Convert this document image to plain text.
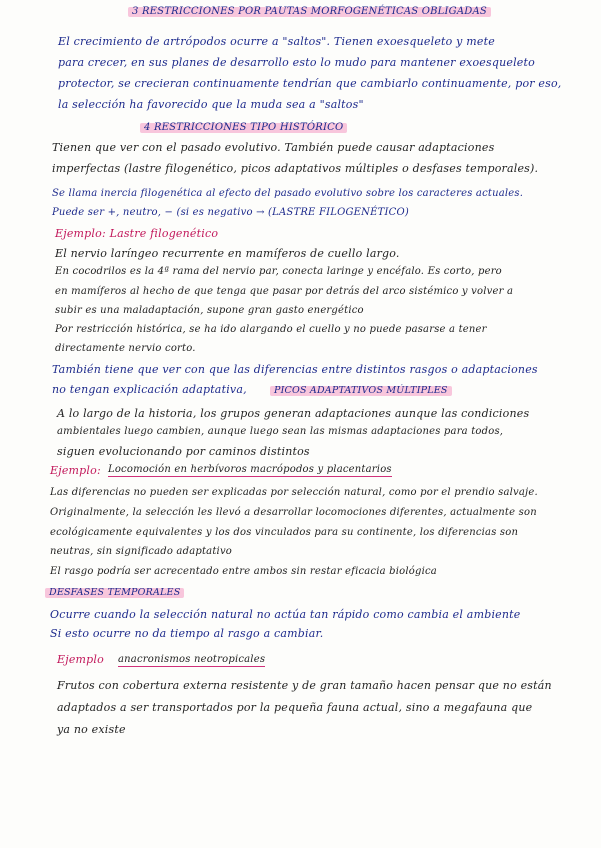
3 RESTRICCIONES POR PAUTAS MORFOGENÉTICAS OBLIGADAS
El crecimiento de artrópodos ocurre a "saltos". Tienen exoesqueleto y mete
para crecer, en sus planes de desarrollo esto lo mudo para mantener exoesqueleto
protector, se crecieran continuamente tendrían que cambiarlo continuamente, por eso,
la selección ha favorecido que la muda sea a "saltos"
4 RESTRICCIONES TIPO HISTÓRICO
Tienen que ver con el pasado evolutivo. También puede causar adaptaciones
imperfectas (lastre filogenético, picos adaptativos múltiples o desfases temporales).
Se llama inercia filogenética al efecto del pasado evolutivo sobre los caracteres actuales.
Puede ser +, neutro, − (si es negativo → (LASTRE FILOGENÉTICO)
Ejemplo: Lastre filogenético
El nervio laríngeo recurrente en mamíferos de cuello largo.
En cocodrilos es la 4ª rama del nervio par, conecta laringe y encéfalo. Es corto, pero
en mamíferos al hecho de que tenga que pasar por detrás del arco sistémico y volver a
subir es una maladaptación, supone gran gasto energético
Por restricción histórica, se ha ido alargando el cuello y no puede pasarse a tener
directamente nervio corto.
También tiene que ver con que las diferencias entre distintos rasgos o adaptaciones
no tengan explicación adaptativa,	PICOS ADAPTATIVOS MÚLTIPLES
A lo largo de la historia, los grupos generan adaptaciones aunque las condiciones
ambientales luego cambien, aunque luego sean las mismas adaptaciones para todos,
siguen evolucionando por caminos distintos
Ejemplo: Locomoción en herbívoros macrópodos y placentarios
Las diferencias no pueden ser explicadas por selección natural, como por el prendio salvaje.
Originalmente, la selección les llevó a desarrollar locomociones diferentes, actualmente son
ecológicamente equivalentes y los dos vinculados para su continente, los diferencias son
neutras, sin significado adaptativo
El rasgo podría ser acrecentado entre ambos sin restar eficacia biológica
DESFASES TEMPORALES
Ocurre cuando la selección natural no actúa tan rápido como cambia el ambiente
Si esto ocurre no da tiempo al rasgo a cambiar.
Ejemplo anacronismos neotropicales
Frutos con cobertura externa resistente y de gran tamaño hacen pensar que no están
adaptados a ser transportados por la pequeña fauna actual, sino a megafauna que
ya no existe
